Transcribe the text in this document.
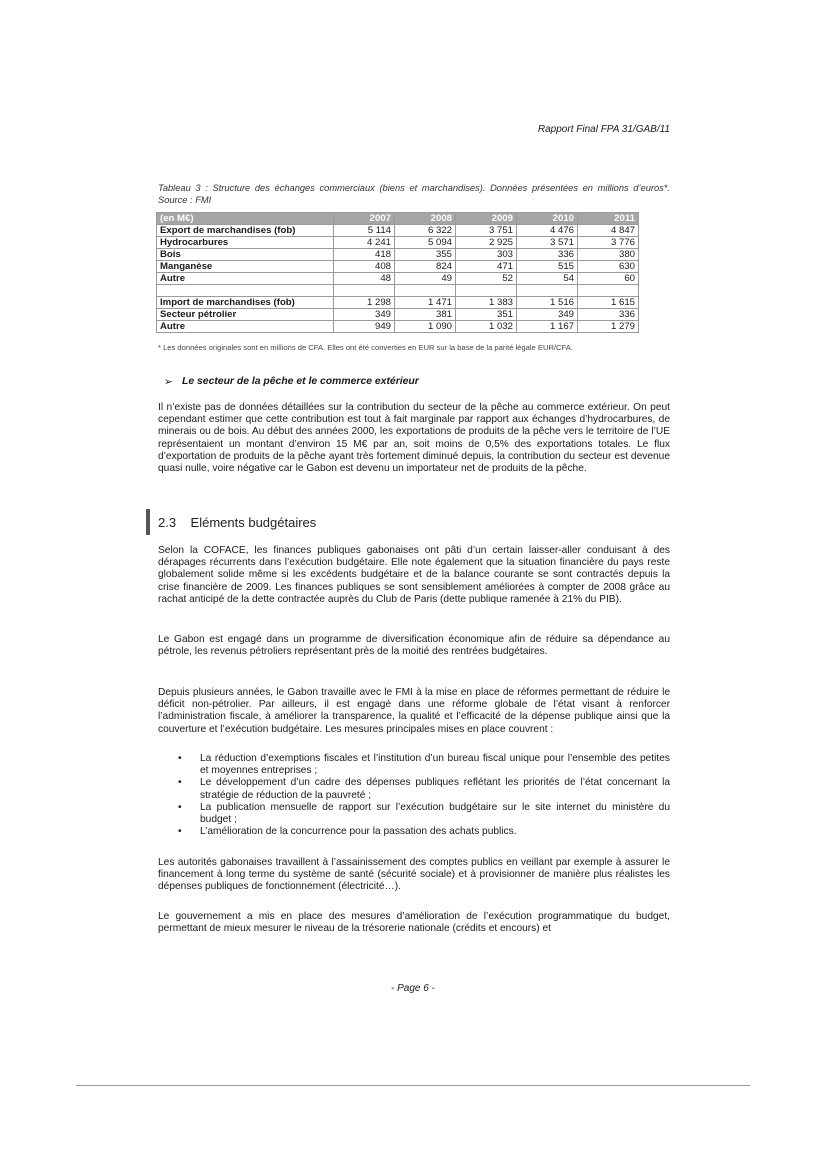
Rapport Final FPA 31/GAB/11
Tableau 3 : Structure des échanges commerciaux (biens et marchandises). Données présentées en millions d’euros*. Source : FMI
(en M€)	2007	2008	2009	2010	2011
Export de marchandises (fob)	5 114	6 322	3 751	4 476	4 847
Hydrocarbures	4 241	5 094	2 925	3 571	3 776
Bois	418	355	303	336	380
Manganèse	408	824	471	515	630
Autre	48	49	52	54	60

Import de marchandises (fob)	1 298	1 471	1 383	1 516	1 615
Secteur pétrolier	349	381	351	349	336
Autre	949	1 090	1 032	1 167	1 279
* Les données originales sont en millions de CFA. Elles ont été converties en EUR sur la base de la parité légale EUR/CFA.
➢ Le secteur de la pêche et le commerce extérieur

Il n’existe pas de données détaillées sur la contribution du secteur de la pêche au commerce extérieur. On peut cependant estimer que cette contribution est tout à fait marginale par rapport aux échanges d’hydrocarbures, de minerais ou de bois. Au début des années 2000, les exportations de produits de la pêche vers le territoire de l’UE représentaient un montant d’environ 15 M€ par an, soit moins de 0,5% des exportations totales. Le flux d’exportation de produits de la pêche ayant très fortement diminué depuis, la contribution du secteur est devenue quasi nulle, voire négative car le Gabon est devenu un importateur net de produits de la pêche.

2.3 Eléments budgétaires

Selon la COFACE, les finances publiques gabonaises ont pâti d’un certain laisser-aller conduisant à des dérapages récurrents dans l’exécution budgétaire. Elle note également que la situation financière du pays reste globalement solide même si les excédents budgétaire et de la balance courante se sont contractés depuis la crise financière de 2009. Les finances publiques se sont sensiblement améliorées à compter de 2008 grâce au rachat anticipé de la dette contractée auprès du Club de Paris (dette publique ramenée à 21% du PIB).

Le Gabon est engagé dans un programme de diversification économique afin de réduire sa dépendance au pétrole, les revenus pétroliers représentant près de la moitié des rentrées budgétaires.

Depuis plusieurs années, le Gabon travaille avec le FMI à la mise en place de réformes permettant de réduire le déficit non-pétrolier. Par ailleurs, il est engagé dans une réforme globale de l’état visant à renforcer l’administration fiscale, à améliorer la transparence, la qualité et l’efficacité de la dépense publique ainsi que la couverture et l’exécution budgétaire. Les mesures principales mises en place couvrent :

• La réduction d’exemptions fiscales et l’institution d’un bureau fiscal unique pour l’ensemble des petites et moyennes entreprises ;
• Le développement d’un cadre des dépenses publiques reflétant les priorités de l’état concernant la stratégie de réduction de la pauvreté ;
• La publication mensuelle de rapport sur l’exécution budgétaire sur le site internet du ministère du budget ;
• L’amélioration de la concurrence pour la passation des achats publics.

Les autorités gabonaises travaillent à l’assainissement des comptes publics en veillant par exemple à assurer le financement à long terme du système de santé (sécurité sociale) et à provisionner de manière plus réalistes les dépenses publiques de fonctionnement (électricité…).

Le gouvernement a mis en place des mesures d’amélioration de l’exécution programmatique du budget, permettant de mieux mesurer le niveau de la trésorerie nationale (crédits et encours) et

- Page 6 -
